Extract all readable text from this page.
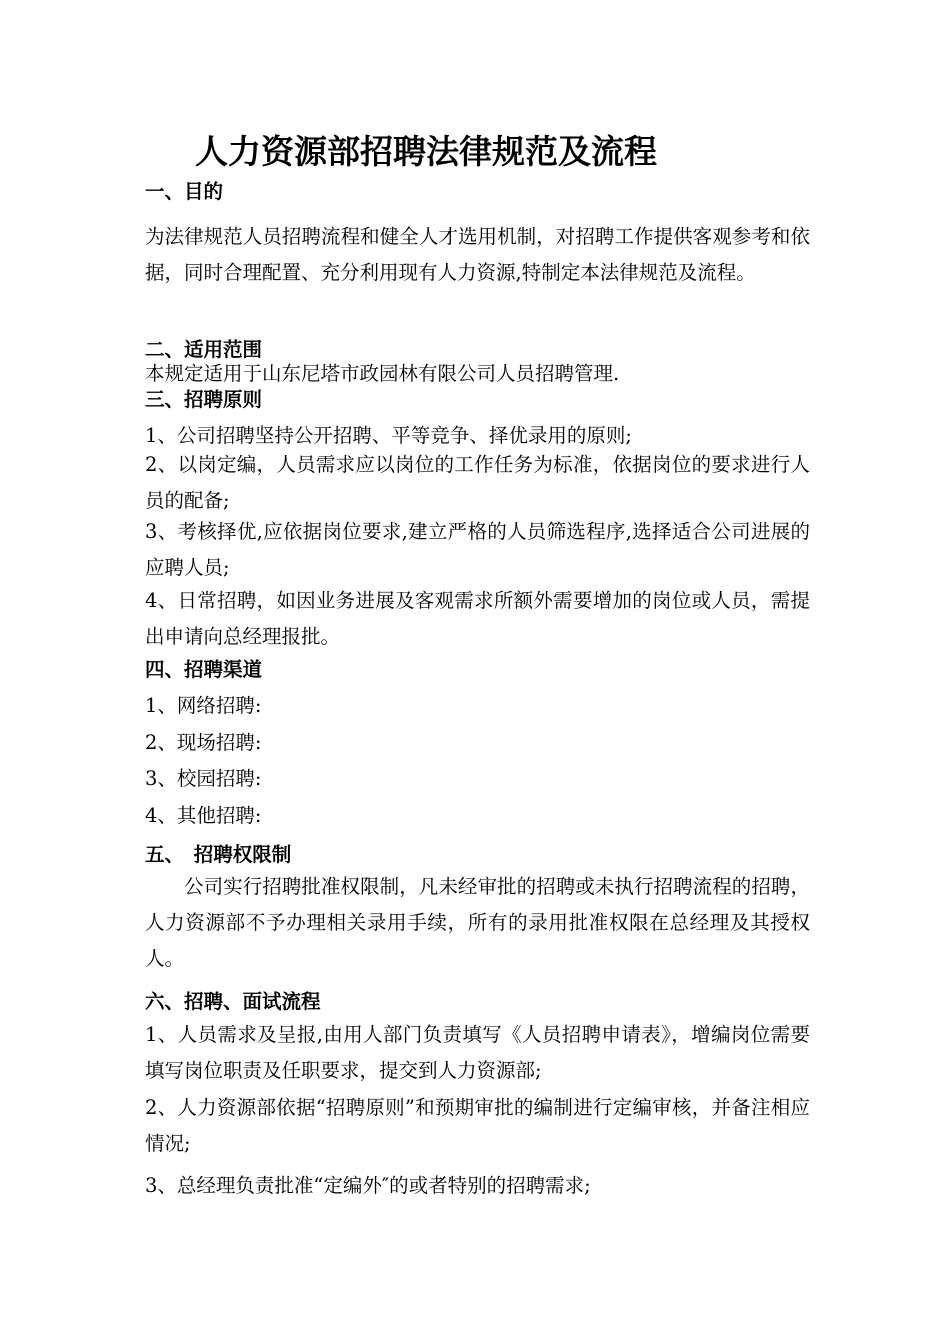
人力资源部招聘法律规范及流程
一、目的
为法律规范人员招聘流程和健全人才选用机制，对招聘工作提供客观参考和依据，同时合理配置、充分利用现有人力资源,特制定本法律规范及流程。
二、适用范围
本规定适用于山东尼塔市政园林有限公司人员招聘管理.
三、招聘原则
1、公司招聘坚持公开招聘、平等竞争、择优录用的原则;
2、以岗定编，人员需求应以岗位的工作任务为标准，依据岗位的要求进行人员的配备;
3、考核择优,应依据岗位要求,建立严格的人员筛选程序,选择适合公司进展的应聘人员;
4、日常招聘，如因业务进展及客观需求所额外需要增加的岗位或人员，需提出申请向总经理报批。
四、招聘渠道
1、网络招聘:
2、现场招聘:
3、校园招聘:
4、其他招聘:
五、　招聘权限制
公司实行招聘批准权限制，凡未经审批的招聘或未执行招聘流程的招聘，人力资源部不予办理相关录用手续，所有的录用批准权限在总经理及其授权人。
六、招聘、面试流程
1、人员需求及呈报,由用人部门负责填写《人员招聘申请表》，增编岗位需要填写岗位职责及任职要求，提交到人力资源部;
2、人力资源部依据“招聘原则”和预期审批的编制进行定编审核，并备注相应情况;
3、总经理负责批准“定编外″的或者特别的招聘需求;
